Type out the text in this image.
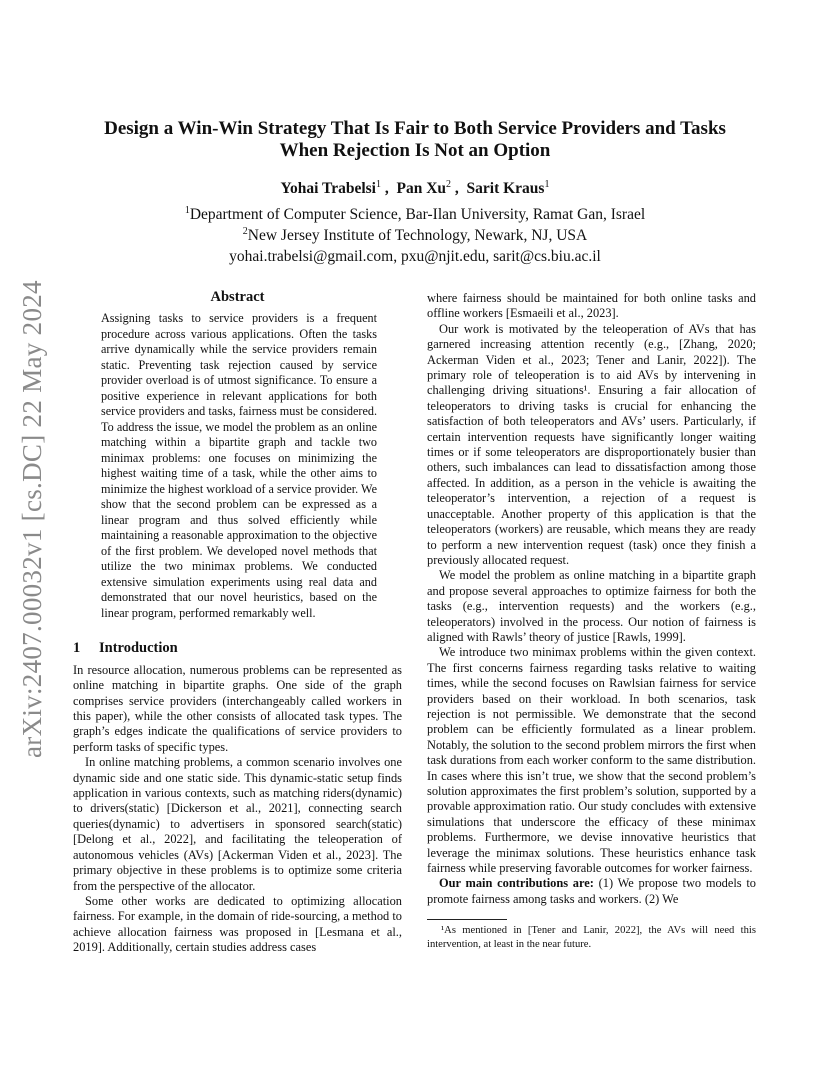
arXiv:2407.00032v1 [cs.DC] 22 May 2024
Design a Win-Win Strategy That Is Fair to Both Service Providers and Tasks
When Rejection Is Not an Option
Yohai Trabelsi$^1$ ,  Pan Xu$^2$ ,  Sarit Kraus$^1$
$^1$Department of Computer Science, Bar-Ilan University, Ramat Gan, Israel
$^2$New Jersey Institute of Technology, Newark, NJ, USA
yohai.trabelsi@gmail.com, pxu@njit.edu, sarit@cs.biu.ac.il
Abstract

Assigning tasks to service providers is a frequent procedure across various applications. Often the tasks arrive dynamically while the service providers remain static. Preventing task rejection caused by service provider overload is of utmost significance. To ensure a positive experience in relevant applications for both service providers and tasks, fairness must be considered. To address the issue, we model the problem as an online matching within a bipartite graph and tackle two minimax problems: one focuses on minimizing the highest waiting time of a task, while the other aims to minimize the highest workload of a service provider. We show that the second problem can be expressed as a linear program and thus solved efficiently while maintaining a reasonable approximation to the objective of the first problem. We developed novel methods that utilize the two minimax problems. We conducted extensive simulation experiments using real data and demonstrated that our novel heuristics, based on the linear program, performed remarkably well.

1 Introduction

In resource allocation, numerous problems can be represented as online matching in bipartite graphs. One side of the graph comprises service providers (interchangeably called workers in this paper), while the other consists of allocated task types. The graph’s edges indicate the qualifications of service providers to perform tasks of specific types.

In online matching problems, a common scenario involves one dynamic side and one static side. This dynamic-static setup finds application in various contexts, such as matching riders(dynamic) to drivers(static) [Dickerson et al., 2021], connecting search queries(dynamic) to advertisers in sponsored search(static) [Delong et al., 2022], and facilitating the teleoperation of autonomous vehicles (AVs) [Ackerman Viden et al., 2023]. The primary objective in these problems is to optimize some criteria from the perspective of the allocator.

Some other works are dedicated to optimizing allocation fairness. For example, in the domain of ride-sourcing, a method to achieve allocation fairness was proposed in [Lesmana et al., 2019]. Additionally, certain studies address cases

where fairness should be maintained for both online tasks and offline workers [Esmaeili et al., 2023].

Our work is motivated by the teleoperation of AVs that has garnered increasing attention recently (e.g., [Zhang, 2020; Ackerman Viden et al., 2023; Tener and Lanir, 2022]). The primary role of teleoperation is to aid AVs by intervening in challenging driving situations¹. Ensuring a fair allocation of teleoperators to driving tasks is crucial for enhancing the satisfaction of both teleoperators and AVs’ users. Particularly, if certain intervention requests have significantly longer waiting times or if some teleoperators are disproportionately busier than others, such imbalances can lead to dissatisfaction among those affected. In addition, as a person in the vehicle is awaiting the teleoperator’s intervention, a rejection of a request is unacceptable. Another property of this application is that the teleoperators (workers) are reusable, which means they are ready to perform a new intervention request (task) once they finish a previously allocated request.

We model the problem as online matching in a bipartite graph and propose several approaches to optimize fairness for both the tasks (e.g., intervention requests) and the workers (e.g., teleoperators) involved in the process. Our notion of fairness is aligned with Rawls’ theory of justice [Rawls, 1999].

We introduce two minimax problems within the given context. The first concerns fairness regarding tasks relative to waiting times, while the second focuses on Rawlsian fairness for service providers based on their workload. In both scenarios, task rejection is not permissible. We demonstrate that the second problem can be efficiently formulated as a linear problem. Notably, the solution to the second problem mirrors the first when task durations from each worker conform to the same distribution. In cases where this isn’t true, we show that the second problem’s solution approximates the first problem’s solution, supported by a provable approximation ratio. Our study concludes with extensive simulations that underscore the efficacy of these minimax problems. Furthermore, we devise innovative heuristics that leverage the minimax solutions. These heuristics enhance task fairness while preserving favorable outcomes for worker fairness.

Our main contributions are: (1) We propose two models to promote fairness among tasks and workers. (2) We

¹As mentioned in [Tener and Lanir, 2022], the AVs will need this intervention, at least in the near future.
